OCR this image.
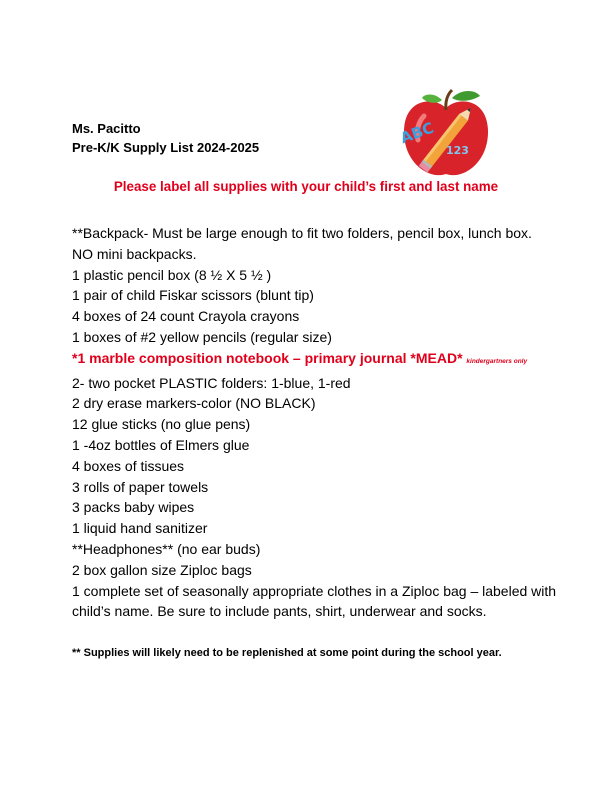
Ms. Pacitto
Pre-K/K Supply List 2024-2025
ABC
123
Please label all supplies with your child’s first and last name
**Backpack- Must be large enough to fit two folders, pencil box, lunch box.
NO mini backpacks.
1 plastic pencil box (8 ½ X 5 ½ )
1 pair of child Fiskar scissors (blunt tip)
4 boxes of 24 count Crayola crayons
1 boxes of #2 yellow pencils (regular size)
*1 marble composition notebook – primary journal *MEAD* kindergartners only
2- two pocket PLASTIC folders: 1-blue, 1-red
2 dry erase markers-color (NO BLACK)
12 glue sticks (no glue pens)
1 -4oz bottles of Elmers glue
4 boxes of tissues
3 rolls of paper towels
3 packs baby wipes
1 liquid hand sanitizer
**Headphones** (no ear buds)
2 box gallon size Ziploc bags
1 complete set of seasonally appropriate clothes in a Ziploc bag – labeled with
child’s name. Be sure to include pants, shirt, underwear and socks.
** Supplies will likely need to be replenished at some point during the school year.
